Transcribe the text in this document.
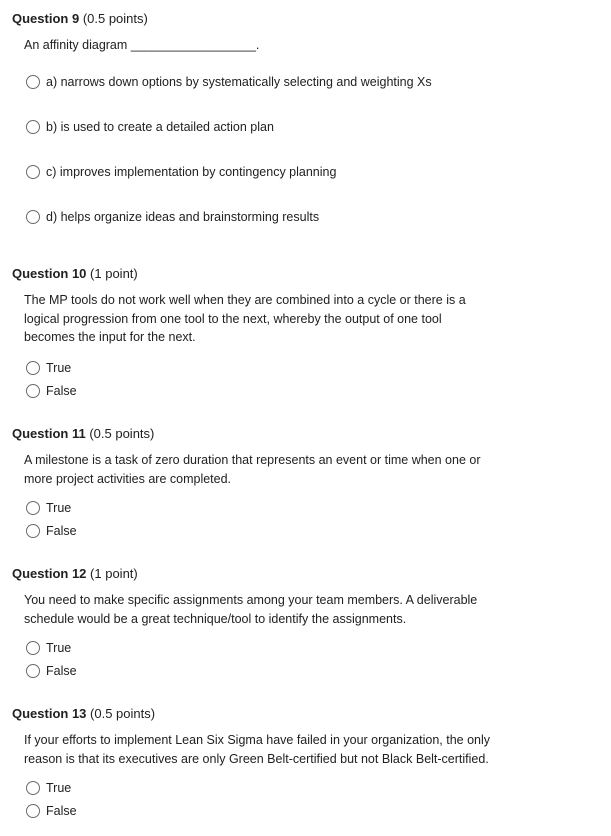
Question 9 (0.5 points)
An affinity diagram __________________.
a) narrows down options by systematically selecting and weighting Xs
b) is used to create a detailed action plan
c) improves implementation by contingency planning
d) helps organize ideas and brainstorming results
Question 10 (1 point)
The MP tools do not work well when they are combined into a cycle or there is a logical progression from one tool to the next, whereby the output of one tool becomes the input for the next.
True
False
Question 11 (0.5 points)
A milestone is a task of zero duration that represents an event or time when one or more project activities are completed.
True
False
Question 12 (1 point)
You need to make specific assignments among your team members. A deliverable schedule would be a great technique/tool to identify the assignments.
True
False
Question 13 (0.5 points)
If your efforts to implement Lean Six Sigma have failed in your organization, the only reason is that its executives are only Green Belt-certified but not Black Belt-certified.
True
False
